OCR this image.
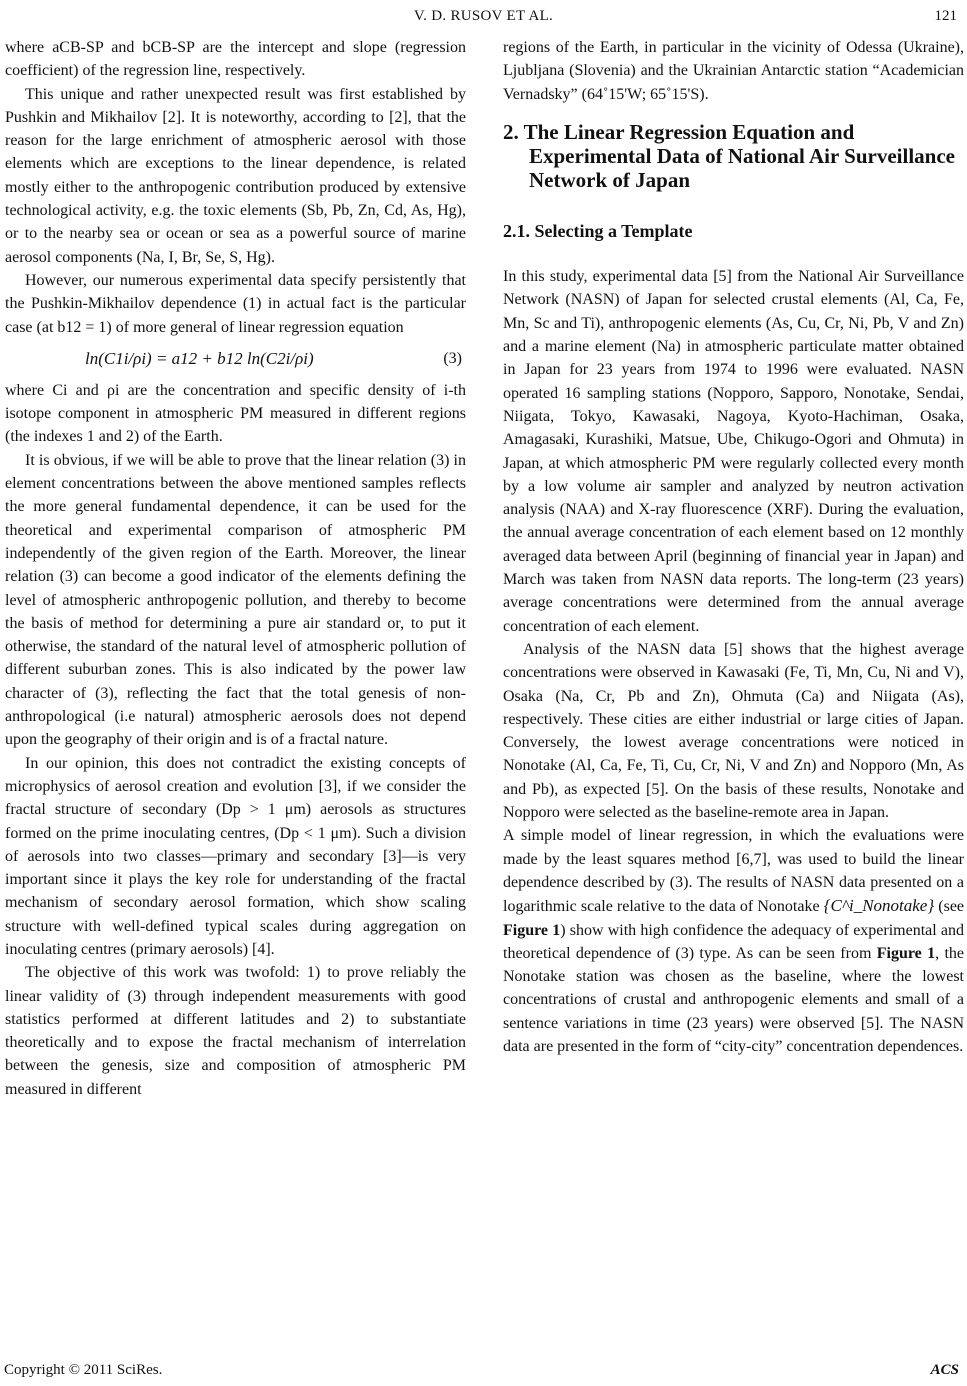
V. D. RUSOV ET AL.	121

where aCB-SP and bCB-SP are the intercept and slope (regression coefficient) of the regression line, respectively.

This unique and rather unexpected result was first established by Pushkin and Mikhailov [2]. It is noteworthy, according to [2], that the reason for the large enrichment of atmospheric aerosol with those elements which are exceptions to the linear dependence, is related mostly either to the anthropogenic contribution produced by extensive technological activity, e.g. the toxic elements (Sb, Pb, Zn, Cd, As, Hg), or to the nearby sea or ocean or sea as a powerful source of marine aerosol components (Na, I, Br, Se, S, Hg).

However, our numerous experimental data specify persistently that the Pushkin-Mikhailov dependence (1) in actual fact is the particular case (at b12 = 1) of more general of linear regression equation

ln(C1i/ρi) = a12 + b12 ln(C2i/ρi)	(3)

where Ci and ρi are the concentration and specific density of i-th isotope component in atmospheric PM measured in different regions (the indexes 1 and 2) of the Earth.

It is obvious, if we will be able to prove that the linear relation (3) in element concentrations between the above mentioned samples reflects the more general fundamental dependence, it can be used for the theoretical and experimental comparison of atmospheric PM independently of the given region of the Earth. Moreover, the linear relation (3) can become a good indicator of the elements defining the level of atmospheric anthropogenic pollution, and thereby to become the basis of method for determining a pure air standard or, to put it otherwise, the standard of the natural level of atmospheric pollution of different suburban zones. This is also indicated by the power law character of (3), reflecting the fact that the total genesis of non-anthropological (i.e natural) atmospheric aerosols does not depend upon the geography of their origin and is of a fractal nature.

In our opinion, this does not contradict the existing concepts of microphysics of aerosol creation and evolution [3], if we consider the fractal structure of secondary (Dp > 1 μm) aerosols as structures formed on the prime inoculating centres, (Dp < 1 μm). Such a division of aerosols into two classes—primary and secondary [3]—is very important since it plays the key role for understanding of the fractal mechanism of secondary aerosol formation, which show scaling structure with well-defined typical scales during aggregation on inoculating centres (primary aerosols) [4].

The objective of this work was twofold: 1) to prove reliably the linear validity of (3) through independent measurements with good statistics performed at different latitudes and 2) to substantiate theoretically and to expose the fractal mechanism of interrelation between the genesis, size and composition of atmospheric PM measured in different

regions of the Earth, in particular in the vicinity of Odessa (Ukraine), Ljubljana (Slovenia) and the Ukrainian Antarctic station “Academician Vernadsky” (64˚15'W; 65˚15'S).

2. The Linear Regression Equation and Experimental Data of National Air Surveillance Network of Japan
2.1. Selecting a Template

In this study, experimental data [5] from the National Air Surveillance Network (NASN) of Japan for selected crustal elements (Al, Ca, Fe, Mn, Sc and Ti), anthropogenic elements (As, Cu, Cr, Ni, Pb, V and Zn) and a marine element (Na) in atmospheric particulate matter obtained in Japan for 23 years from 1974 to 1996 were evaluated. NASN operated 16 sampling stations (Nopporo, Sapporo, Nonotake, Sendai, Niigata, Tokyo, Kawasaki, Nagoya, Kyoto-Hachiman, Osaka, Amagasaki, Kurashiki, Matsue, Ube, Chikugo-Ogori and Ohmuta) in Japan, at which atmospheric PM were regularly collected every month by a low volume air sampler and analyzed by neutron activation analysis (NAA) and X-ray fluorescence (XRF). During the evaluation, the annual average concentration of each element based on 12 monthly averaged data between April (beginning of financial year in Japan) and March was taken from NASN data reports. The long-term (23 years) average concentrations were determined from the annual average concentration of each element.

Analysis of the NASN data [5] shows that the highest average concentrations were observed in Kawasaki (Fe, Ti, Mn, Cu, Ni and V), Osaka (Na, Cr, Pb and Zn), Ohmuta (Ca) and Niigata (As), respectively. These cities are either industrial or large cities of Japan. Conversely, the lowest average concentrations were noticed in Nonotake (Al, Ca, Fe, Ti, Cu, Cr, Ni, V and Zn) and Nopporo (Mn, As and Pb), as expected [5]. On the basis of these results, Nonotake and Nopporo were selected as the baseline-remote area in Japan.

A simple model of linear regression, in which the evaluations were made by the least squares method [6,7], was used to build the linear dependence described by (3). The results of NASN data presented on a logarithmic scale relative to the data of Nonotake {C^i_Nonotake} (see Figure 1) show with high confidence the adequacy of experimental and theoretical dependence of (3) type. As can be seen from Figure 1, the Nonotake station was chosen as the baseline, where the lowest concentrations of crustal and anthropogenic elements and small of a sentence variations in time (23 years) were observed [5]. The NASN data are presented in the form of “city-city” concentration dependences.

Copyright © 2011 SciRes.	ACS
